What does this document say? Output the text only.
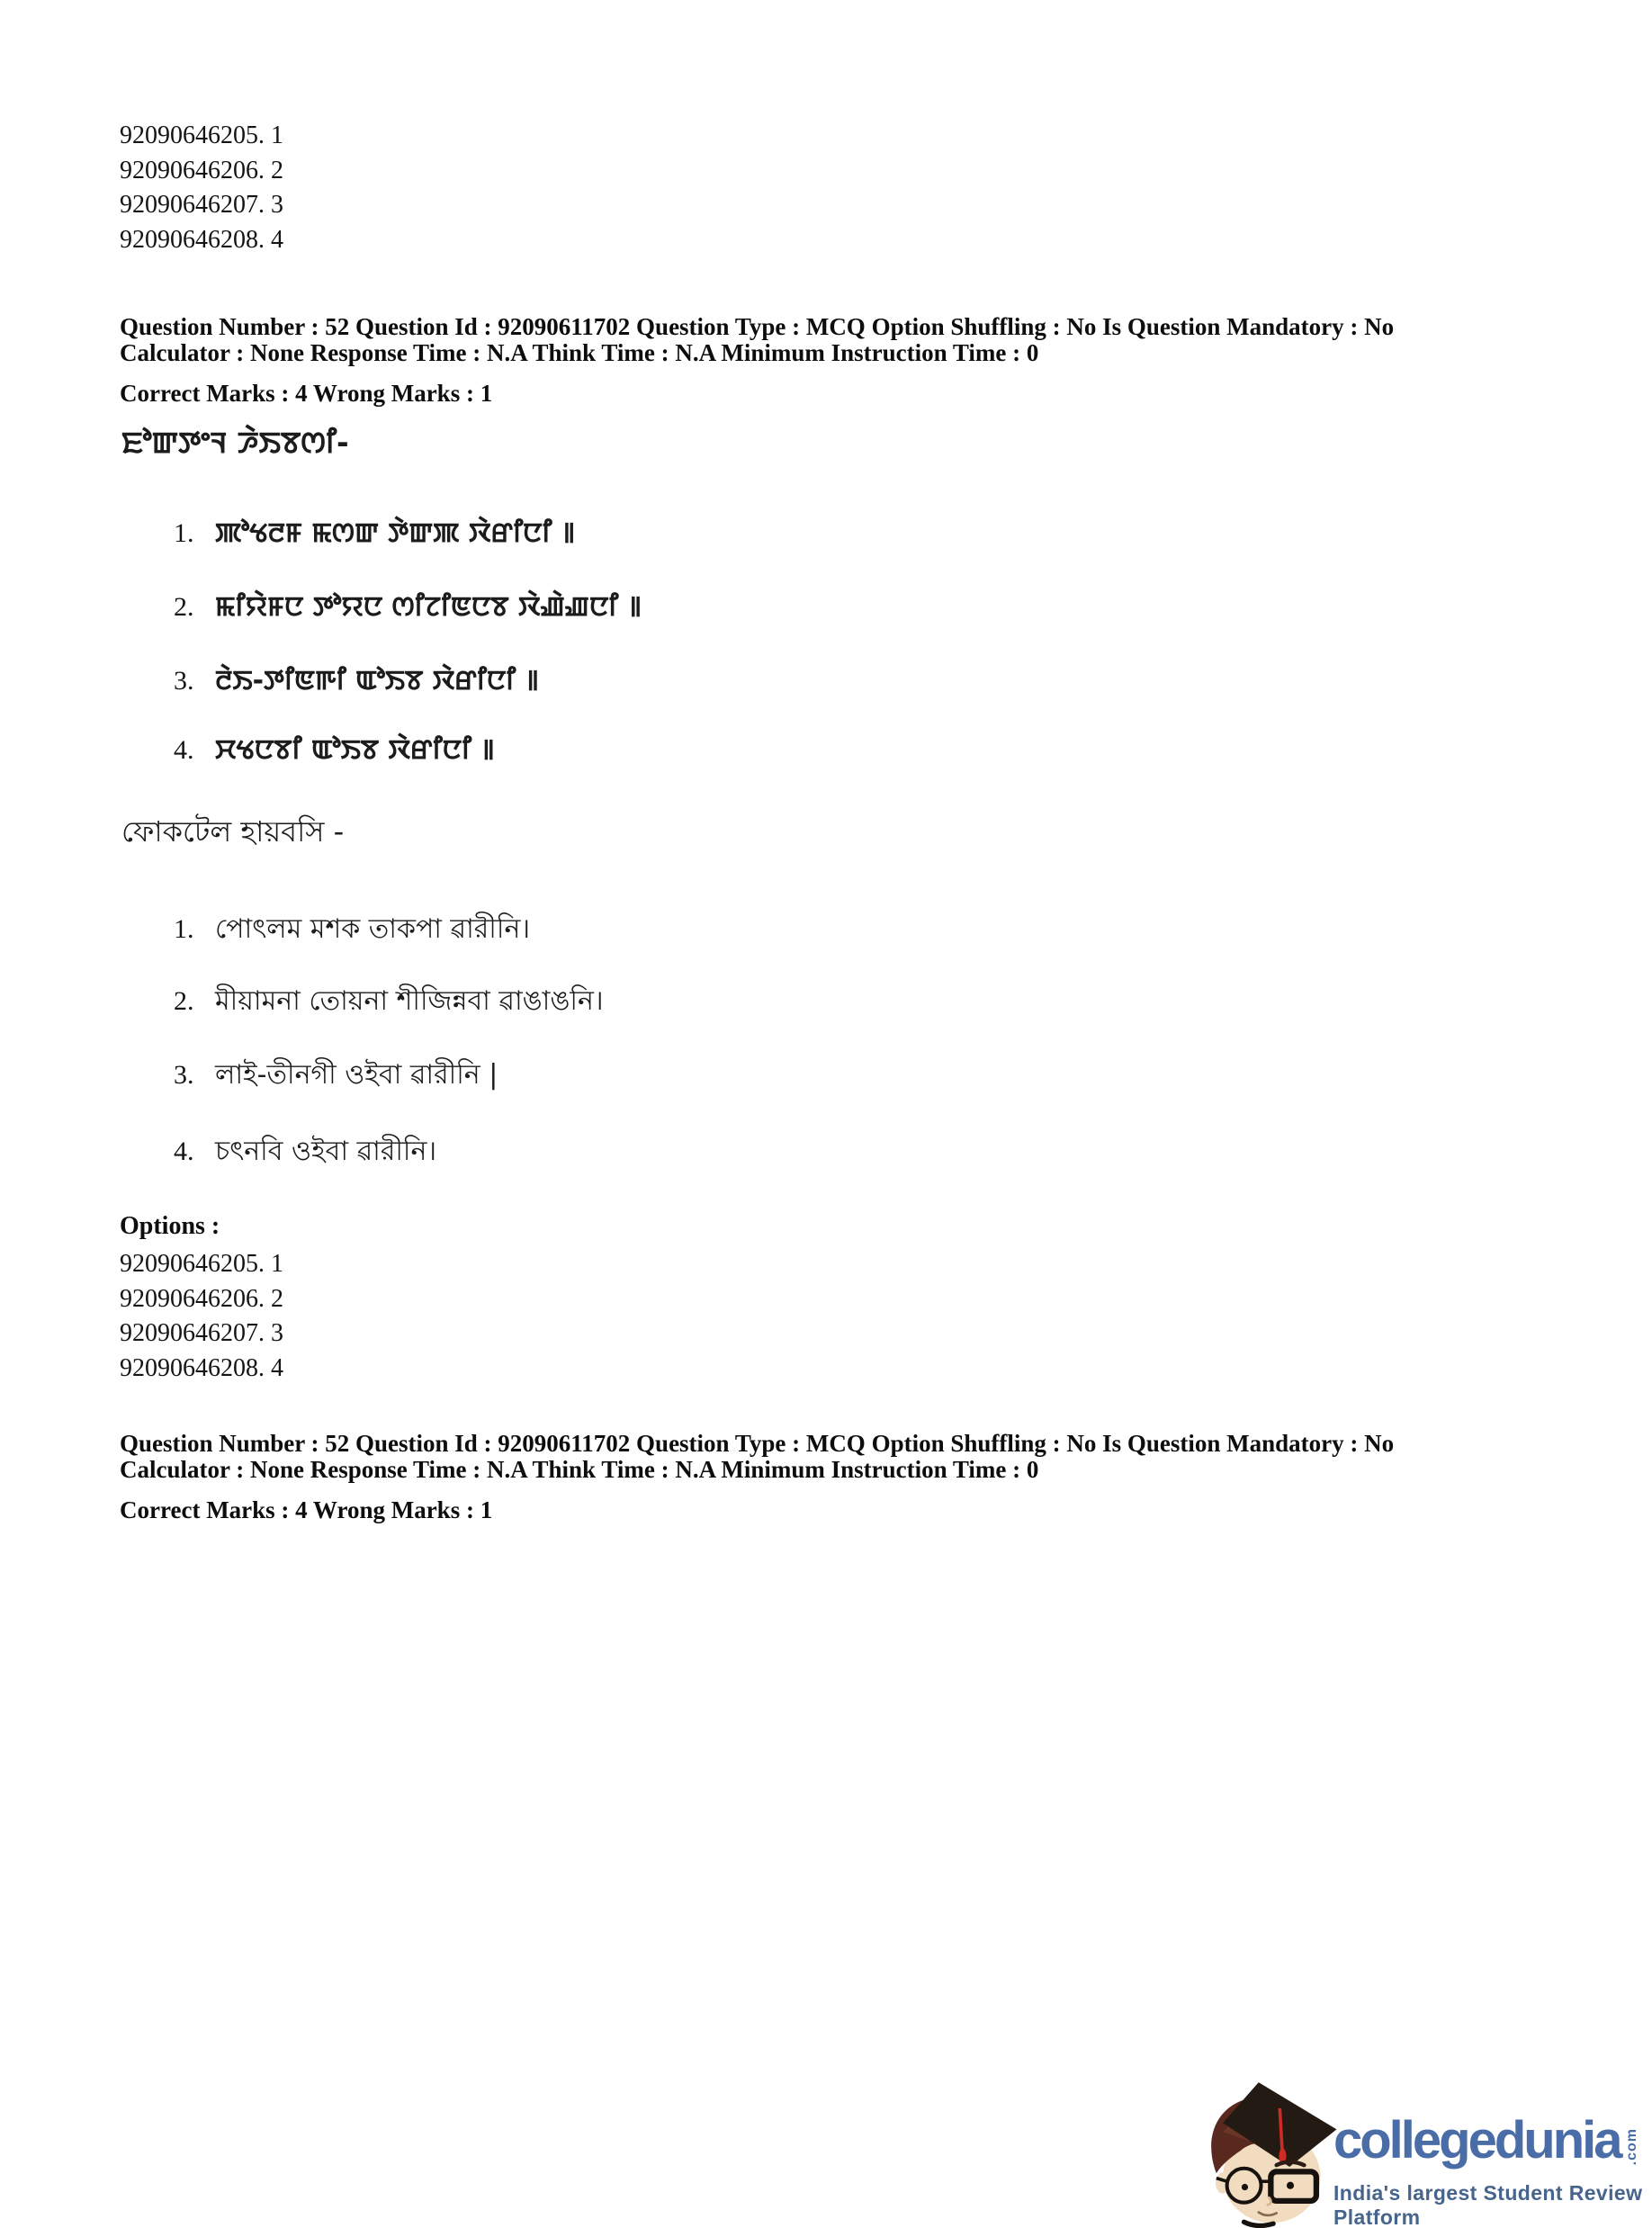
92090646205. 1
92090646206. 2
92090646207. 3
92090646208. 4
Question Number : 52 Question Id : 92090611702 Question Type : MCQ Option Shuffling : No Is Question Mandatory : No
Calculator : None Response Time : N.A Think Time : N.A Minimum Instruction Time : 0
Correct Marks : 4 Wrong Marks : 1
ꯐꯣꯛꯇꯦꯜ ꯍꯥꯏꯕꯁꯤ-
1. ꯄꯣꯠꯂꯝ ꯃꯁꯛ ꯇꯥꯛꯄ ꯋꯥꯔꯤꯅꯤ ꯫
2. ꯃꯤꯌꯥꯝꯅ ꯇꯣꯌꯅ ꯁꯤꯖꯤꯟꯅꯕ ꯋꯥꯉꯥꯉꯅꯤ ꯫
3. ꯂꯥꯏ-ꯇꯤꯟꯒꯤ ꯑꯣꯏꯕ ꯋꯥꯔꯤꯅꯤ ꯫
4. ꯆꯠꯅꯕꯤ ꯑꯣꯏꯕ ꯋꯥꯔꯤꯅꯤ ꯫
ফোকটেল হায়বসি -
1. পোৎলম মশক তাকপা ৱারীনি।
2. মীয়ামনা তোয়না শীজিন্নবা ৱাঙাঙনি।
3. লাই-তীনগী ওইবা ৱারীনি |
4. চৎনবি ওইবা ৱারীনি।
Options :
92090646205. 1
92090646206. 2
92090646207. 3
92090646208. 4
Question Number : 52 Question Id : 92090611702 Question Type : MCQ Option Shuffling : No Is Question Mandatory : No
Calculator : None Response Time : N.A Think Time : N.A Minimum Instruction Time : 0
Correct Marks : 4 Wrong Marks : 1
collegedunia .com
India's largest Student Review Platform
